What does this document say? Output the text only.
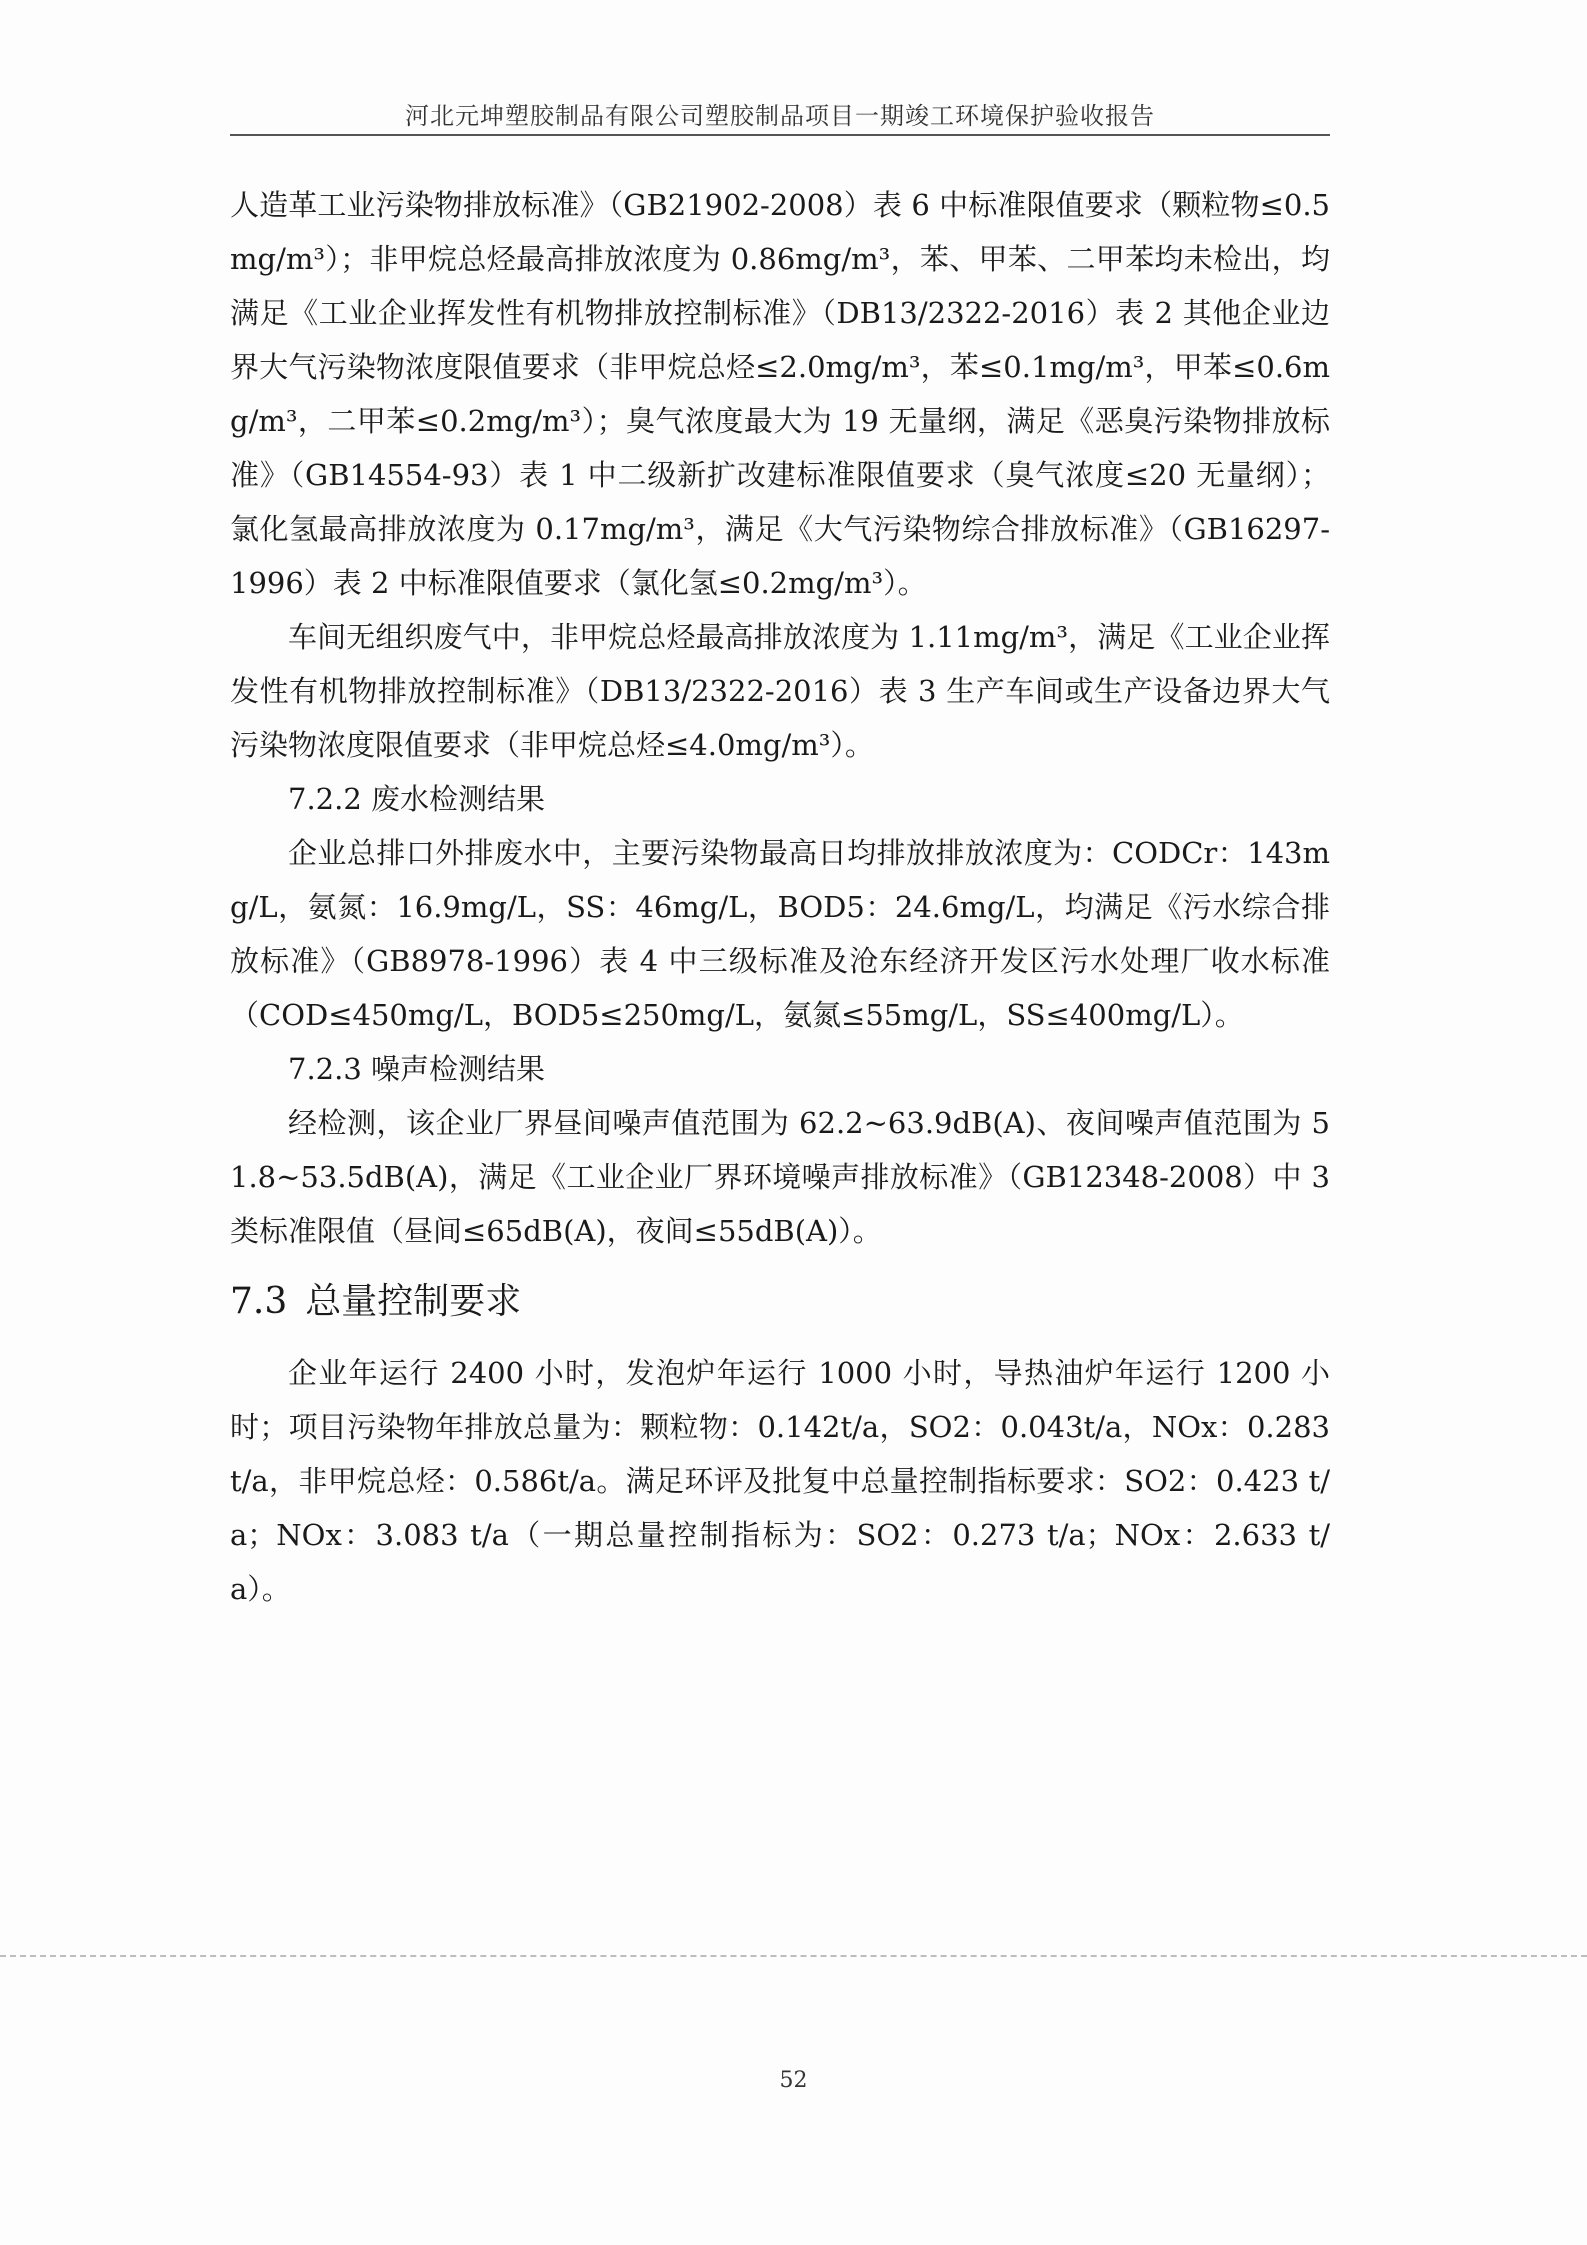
河北元坤塑胶制品有限公司塑胶制品项目一期竣工环境保护验收报告

人造革工业污染物排放标准》（GB21902-2008）表 6 中标准限值要求（颗粒物≤0.5mg/m³）；非甲烷总烃最高排放浓度为 0.86mg/m³，苯、甲苯、二甲苯均未检出，均满足《工业企业挥发性有机物排放控制标准》（DB13/2322-2016）表 2 其他企业边界大气污染物浓度限值要求（非甲烷总烃≤2.0mg/m³，苯≤0.1mg/m³，甲苯≤0.6mg/m³，二甲苯≤0.2mg/m³）；臭气浓度最大为 19 无量纲，满足《恶臭污染物排放标准》（GB14554-93）表 1 中二级新扩改建标准限值要求（臭气浓度≤20 无量纲）；氯化氢最高排放浓度为 0.17mg/m³，满足《大气污染物综合排放标准》（GB16297-1996）表 2 中标准限值要求（氯化氢≤0.2mg/m³）。

车间无组织废气中，非甲烷总烃最高排放浓度为 1.11mg/m³，满足《工业企业挥发性有机物排放控制标准》（DB13/2322-2016）表 3 生产车间或生产设备边界大气污染物浓度限值要求（非甲烷总烃≤4.0mg/m³）。

7.2.2 废水检测结果

企业总排口外排废水中，主要污染物最高日均排放排放浓度为：CODCr：143mg/L，氨氮：16.9mg/L，SS：46mg/L，BOD5：24.6mg/L，均满足《污水综合排放标准》（GB8978-1996）表 4 中三级标准及沧东经济开发区污水处理厂收水标准（COD≤450mg/L，BOD5≤250mg/L，氨氮≤55mg/L，SS≤400mg/L）。

7.2.3 噪声检测结果

经检测，该企业厂界昼间噪声值范围为 62.2~63.9dB(A)、夜间噪声值范围为 51.8~53.5dB(A)，满足《工业企业厂界环境噪声排放标准》（GB12348-2008）中 3 类标准限值（昼间≤65dB(A)，夜间≤55dB(A)）。

7.3 总量控制要求

企业年运行 2400 小时，发泡炉年运行 1000 小时，导热油炉年运行 1200 小时；项目污染物年排放总量为：颗粒物：0.142t/a，SO2：0.043t/a，NOx：0.283t/a，非甲烷总烃：0.586t/a。满足环评及批复中总量控制指标要求：SO2：0.423 t/a；NOx：3.083 t/a（一期总量控制指标为：SO2：0.273 t/a；NOx：2.633 t/a）。

52
